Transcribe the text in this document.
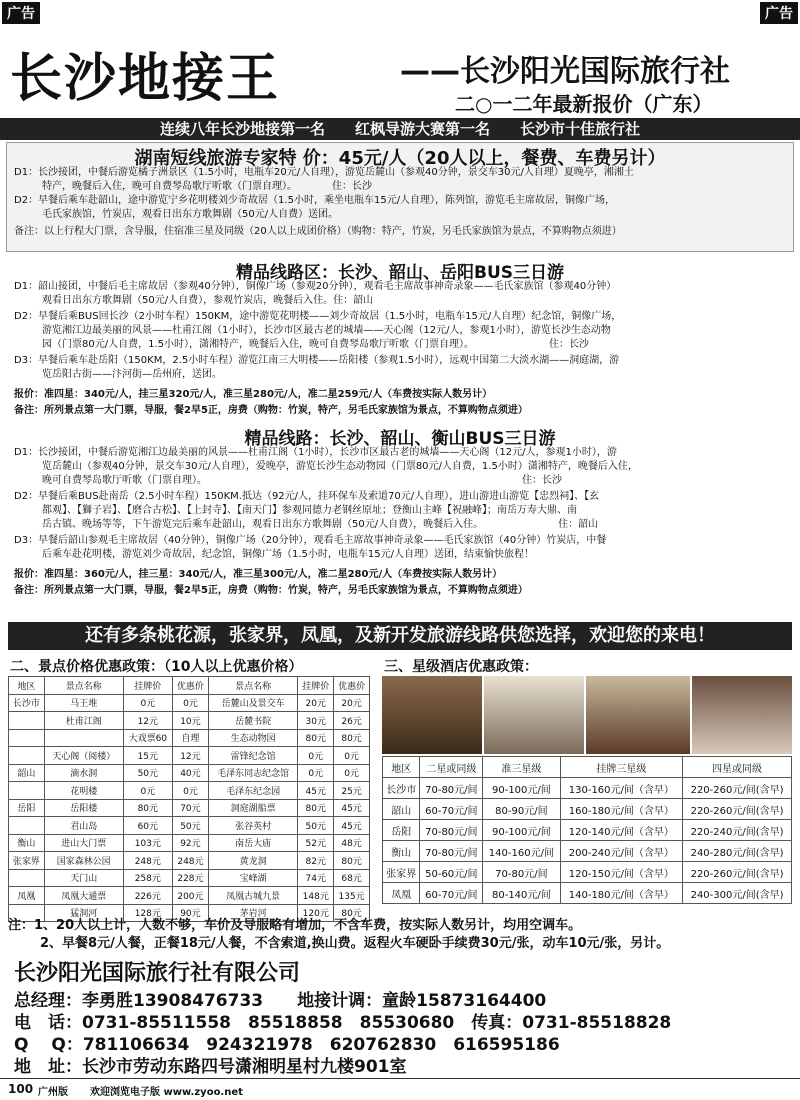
广告	广告
长沙地接王	——长沙阳光国际旅行社
二○一二年最新报价（广东）
连续八年长沙地接第一名　　红枫导游大赛第一名　　长沙市十佳旅行社
湖南短线旅游专家特 价：45元/人（20人以上，餐费、车费另计）
D1：长沙接团，中餐后游览橘子洲景区（1.5小时，电瓶车20元/人自理），游览岳麓山（参观40分钟，景交车30元/人自理）夏晚亭，湘湘土
特产，晚餐后入住，晚可自费琴岛歌厅听歌（门票自理）。　　　　住：长沙
D2：早餐后乘车赴韶山，途中游览宁乡花明楼刘少奇故居（1.5小时，乘坐电瓶车15元/人自理），陈列馆，游览毛主席故居，铜像广场，
毛氏家族馆，竹炭店，观看日出东方歌舞剧（50元/人自费）送团。
备注：以上行程大门票，含导服，住宿准三星及同级（20人以上成团价格）（购物：特产，竹炭，另毛氏家族馆为景点，不算购物点须进）
精品线路区：长沙、韶山、岳阳BUS三日游
D1：韶山接团，中餐后毛主席故居（参观40分钟），铜像广场（参观20分钟），观看毛主席故事神奇录象——毛氏家族馆（参观40分钟）
观看日出东方歌舞剧（50元/人自费），参观竹炭店，晚餐后入住。住：韶山
D2：早餐后乘BUS回长沙（2小时车程）150KM，途中游览花明楼——刘少奇故居（1.5小时，电瓶车15元/人自理）纪念馆，铜像广场，
游览湘江边最美丽的风景——杜甫江阁（1小时），长沙市区最古老的城墙——天心阁（12元/人，参观1小时），游览长沙生态动物
园（门票80元/人自费，1.5小时），潇湘特产，晚餐后入住，晚可自费琴岛歌厅听歌（门票自理）。　　　　　　　　住：长沙
D3：早餐后乘车赴岳阳（150KM，2.5小时车程）游览江南三大明楼——岳阳楼（参观1.5小时），远观中国第二大淡水湖——洞庭湖，游
览岳阳古街——汴河街—岳州府，送团。
报价：准四星：340元/人，挂三星320元/人，准三星280元/人，准二星259元/人（车费按实际人数另计）
备注：所列景点第一大门票，导服，餐2早5正，房费（购物：竹炭，特产，另毛氏家族馆为景点，不算购物点须进）
精品线路：长沙、韶山、衡山BUS三日游
D1：长沙接团，中餐后游览湘江边最美丽的风景——杜甫江阁（1小时），长沙市区最古老的城墙——天心阁（12元/人，参观1小时），游
览岳麓山（参观40分钟，景交车30元/人自理），爱晚亭，游览长沙生态动物园（门票80元/人自费，1.5小时）潇湘特产，晚餐后入住，
晚可自费琴岛歌厅听歌（门票自理）。　　　　　　　　　　　　　　　　　　　　　　　　　　　　　　　　住：长沙
D2：早餐后乘BUS赴南岳（2.5小时车程）150KM.抵达（92元/人，挂环保车及索道70元/人自理），进山游进山游览【忠烈祠】、【玄
都观】、【獅子岩】、【磨合古松】、【上封寺】、【南天门】参观同德力老钢丝原址；登衡山主峰【祝融峰】；南岳万寿大鼎、南
岳古镇、晚场等等，下午游览完后乘车赴韶山，观看日出东方歌舞剧（50元/人自费），晚餐后入住。　　　　　　　　住：韶山
D3：早餐后韶山参观毛主席故居（40分钟），铜像广场（20分钟），观看毛主席故事神奇录象——毛氏家族馆（40分钟）竹炭店，中餐
后乘车赴花明楼，游览刘少奇故居，纪念馆，铜像广场（1.5小时，电瓶车15元/人自理）送团，结束愉快旅程！
报价：准四星：360元/人，挂三星：340元/人，准三星300元/人，准二星280元/人（车费按实际人数另计）
备注：所列景点第一大门票，导服，餐2早5正，房费（购物：竹炭，特产，另毛氏家族馆为景点，不算购物点须进）
还有多条桃花源，张家界，凤凰，及新开发旅游线路供您选择，欢迎您的来电！
二、景点价格优惠政策：（10人以上优惠价格）
地区	景点名称	挂牌价	优惠价	景点名称	挂牌价	优惠价
长沙市	马王堆	0元	0元	岳麓山及景交车	20元	20元
	杜甫江阁	12元	10元	岳麓书院	30元	26元
		大戏票60	自理	生态动物园	80元	80元
	天心阁（阅楼）	15元	12元	雷锋纪念馆	0元	0元
韶山	滴水洞	50元	40元	毛泽东同志纪念馆	0元	0元
	花明楼	0元	0元	毛泽东纪念园	45元	25元
岳阳	岳阳楼	80元	70元	洞庭湖船票	80元	45元
	君山岛	60元	50元	张谷英村	50元	45元
衡山	进山大门票	103元	92元	南岳大庙	52元	48元
张家界	国家森林公园	248元	248元	黄龙洞	82元	80元
	天门山	258元	228元	宝峰湖	74元	68元
凤凰	凤凰大通票	226元	200元	凤凰古城九景	148元	135元
	猛洞河	128元	90元	茅岩河	120元	80元
三、星级酒店优惠政策：
地区	二星或同级	准三星级	挂牌三星级	四星或同级
长沙市	70-80元/间	90-100元/间	130-160元/间（含早）	220-260元/间(含早)
韶山	60-70元/间	80-90元/间	160-180元/间（含早）	220-260元/间(含早)
岳阳	70-80元/间	90-100元/间	120-140元/间（含早）	220-240元/间(含早)
衡山	70-80元/间	140-160元/间	200-240元/间（含早）	240-280元/间(含早)
张家界	50-60元/间	70-80元/间	120-150元/间（含早）	220-260元/间(含早)
凤凰	60-70元/间	80-140元/间	140-180元/间（含早）	240-300元/间(含早)
注：1、20人以上计，人数不够，车价及导服略有增加，不含车费，按实际人数另计，均用空调车。
2、早餐8元/人餐，正餐18元/人餐，不含索道,换山费。返程火车硬卧手续费30元/张，动车10元/张，另计。
长沙阳光国际旅行社有限公司
总经理：李勇胜13908476733　　地接计调：童龄15873164400
电　话：0731-85511558　85518858　85530680　传真：0731-85518828
Q　 Q：781106634　924321978　620762830　616595186
地　址：长沙市劳动东路四号潇湘明星村九楼901室
100 广州版 欢迎浏览电子版 www.zyoo.net
